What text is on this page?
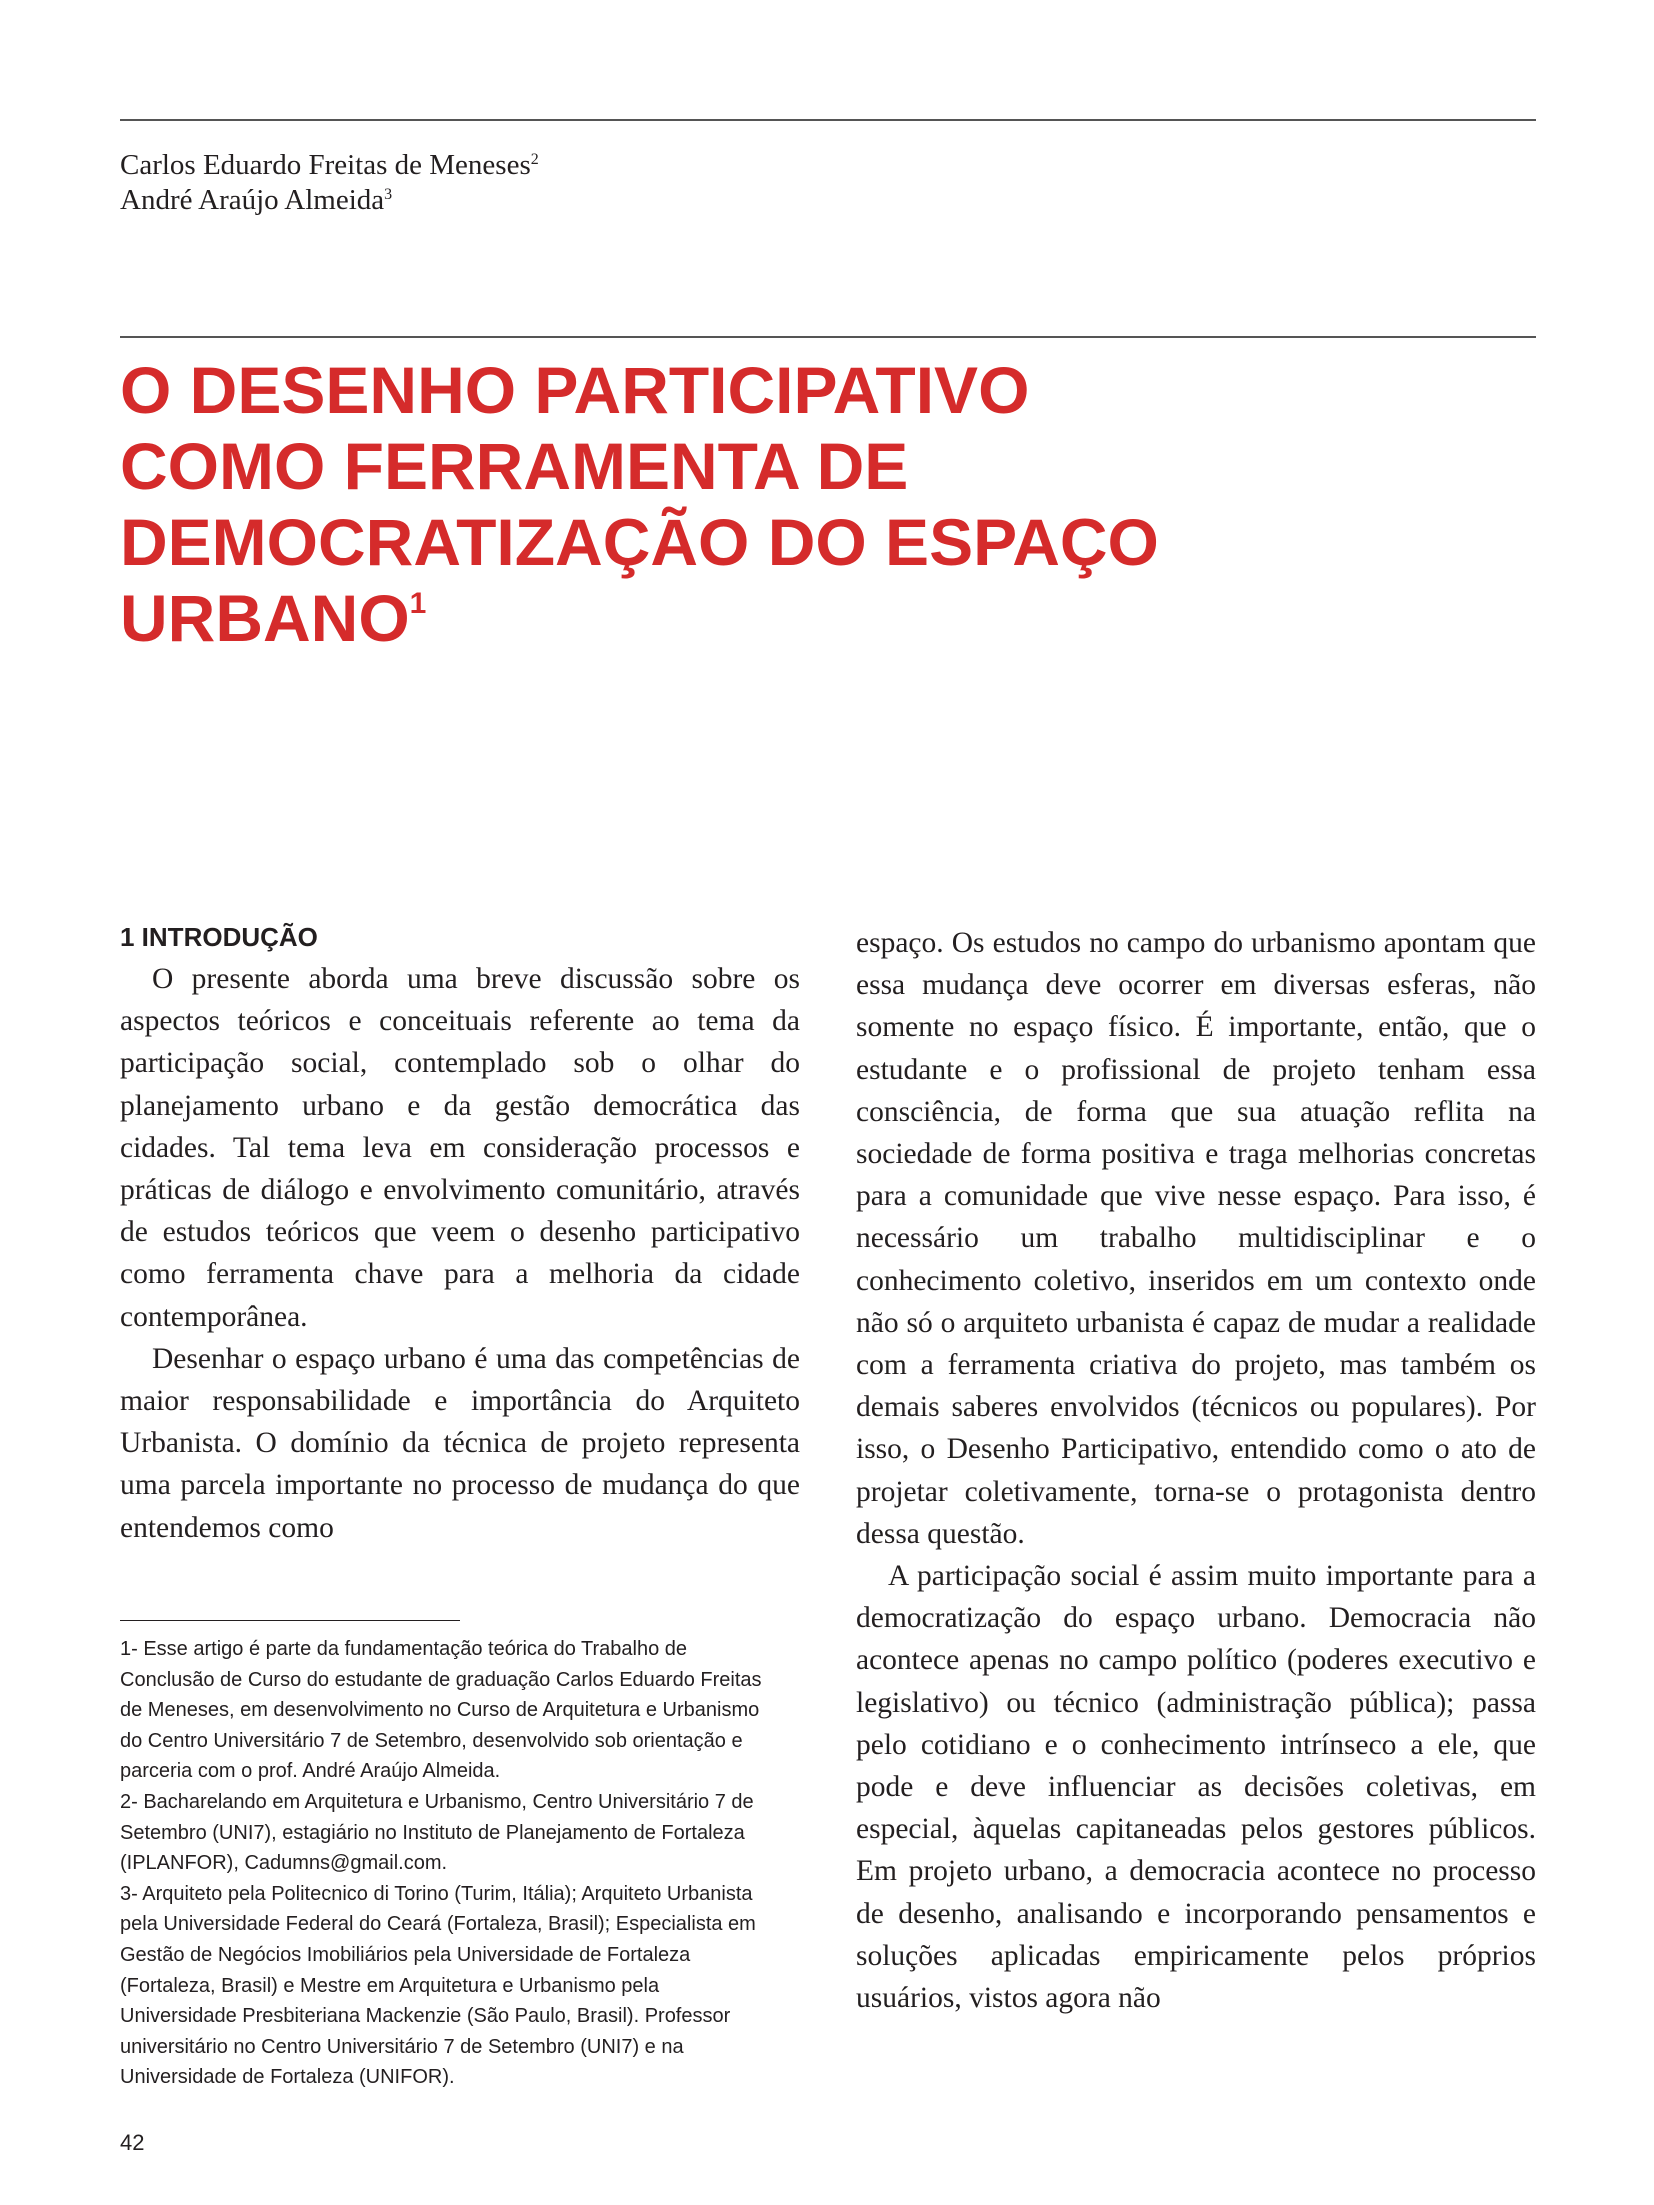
Carlos Eduardo Freitas de Meneses$^2$
André Araújo Almeida$^3$
O DESENHO PARTICIPATIVO
COMO FERRAMENTA DE
DEMOCRATIZAÇÃO DO ESPAÇO
URBANO$^1$
1 INTRODUÇÃO

O presente aborda uma breve discussão sobre os aspectos teóricos e conceituais referente ao tema da participação social, contemplado sob o olhar do planejamento urbano e da gestão democrática das cidades. Tal tema leva em consideração processos e práticas de diálogo e envolvimento comunitário, através de estudos teóricos que veem o desenho participativo como ferramenta chave para a melhoria da cidade contemporânea.

Desenhar o espaço urbano é uma das competências de maior responsabilidade e importância do Arquiteto Urbanista. O domínio da técnica de projeto representa uma parcela importante no processo de mudança do que entendemos como

espaço. Os estudos no campo do urbanismo apontam que essa mudança deve ocorrer em diversas esferas, não somente no espaço físico. É importante, então, que o estudante e o profissional de projeto tenham essa consciência, de forma que sua atuação reflita na sociedade de forma positiva e traga melhorias concretas para a comunidade que vive nesse espaço. Para isso, é necessário um trabalho multidisciplinar e o conhecimento coletivo, inseridos em um contexto onde não só o arquiteto urbanista é capaz de mudar a realidade com a ferramenta criativa do projeto, mas também os demais saberes envolvidos (técnicos ou populares). Por isso, o Desenho Participativo, entendido como o ato de projetar coletivamente, torna-se o protagonista dentro dessa questão.

A participação social é assim muito importante para a democratização do espaço urbano. Democracia não acontece apenas no campo político (poderes executivo e legislativo) ou técnico (administração pública); passa pelo cotidiano e o conhecimento intrínseco a ele, que pode e deve influenciar as decisões coletivas, em especial, àquelas capitaneadas pelos gestores públicos. Em projeto urbano, a democracia acontece no processo de desenho, analisando e incorporando pensamentos e soluções aplicadas empiricamente pelos próprios usuários, vistos agora não

1- Esse artigo é parte da fundamentação teórica do Trabalho de Conclusão de Curso do estudante de graduação Carlos Eduardo Freitas de Meneses, em desenvolvimento no Curso de Arquitetura e Urbanismo do Centro Universitário 7 de Setembro, desenvolvido sob orientação e parceria com o prof. André Araújo Almeida.

2- Bacharelando em Arquitetura e Urbanismo, Centro Universitário 7 de Setembro (UNI7), estagiário no Instituto de Planejamento de Fortaleza (IPLANFOR), Cadumns@gmail.com.

3- Arquiteto pela Politecnico di Torino (Turim, Itália); Arquiteto Urbanista pela Universidade Federal do Ceará (Fortaleza, Brasil); Especialista em Gestão de Negócios Imobiliários pela Universidade de Fortaleza (Fortaleza, Brasil) e Mestre em Arquitetura e Urbanismo pela Universidade Presbiteriana Mackenzie (São Paulo, Brasil). Professor universitário no Centro Universitário 7 de Setembro (UNI7) e na Universidade de Fortaleza (UNIFOR).

42
